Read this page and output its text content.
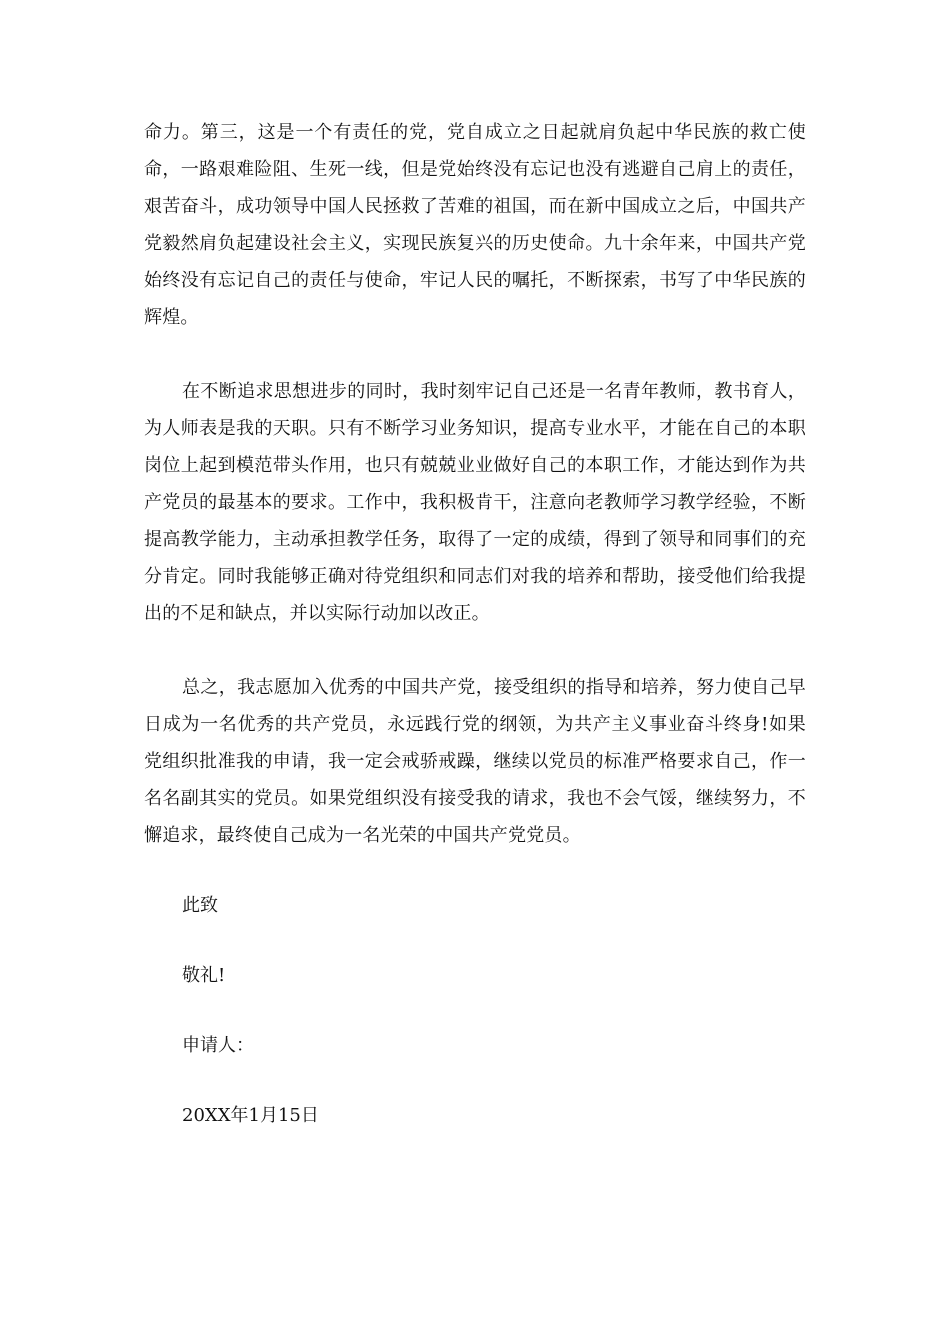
命力。第三，这是一个有责任的党，党自成立之日起就肩负起中华民族的救亡使命，一路艰难险阻、生死一线，但是党始终没有忘记也没有逃避自己肩上的责任，艰苦奋斗，成功领导中国人民拯救了苦难的祖国，而在新中国成立之后，中国共产党毅然肩负起建设社会主义，实现民族复兴的历史使命。九十余年来，中国共产党始终没有忘记自己的责任与使命，牢记人民的嘱托，不断探索，书写了中华民族的辉煌。

在不断追求思想进步的同时，我时刻牢记自己还是一名青年教师，教书育人，为人师表是我的天职。只有不断学习业务知识，提高专业水平，才能在自己的本职岗位上起到模范带头作用，也只有兢兢业业做好自己的本职工作，才能达到作为共产党员的最基本的要求。工作中，我积极肯干，注意向老教师学习教学经验，不断提高教学能力，主动承担教学任务，取得了一定的成绩，得到了领导和同事们的充分肯定。同时我能够正确对待党组织和同志们对我的培养和帮助，接受他们给我提出的不足和缺点，并以实际行动加以改正。

总之，我志愿加入优秀的中国共产党，接受组织的指导和培养，努力使自己早日成为一名优秀的共产党员，永远践行党的纲领，为共产主义事业奋斗终身!如果党组织批准我的申请，我一定会戒骄戒躁，继续以党员的标准严格要求自己，作一名名副其实的党员。如果党组织没有接受我的请求，我也不会气馁，继续努力，不懈追求，最终使自己成为一名光荣的中国共产党党员。

此致

敬礼!

申请人：

20XX年1月15日
